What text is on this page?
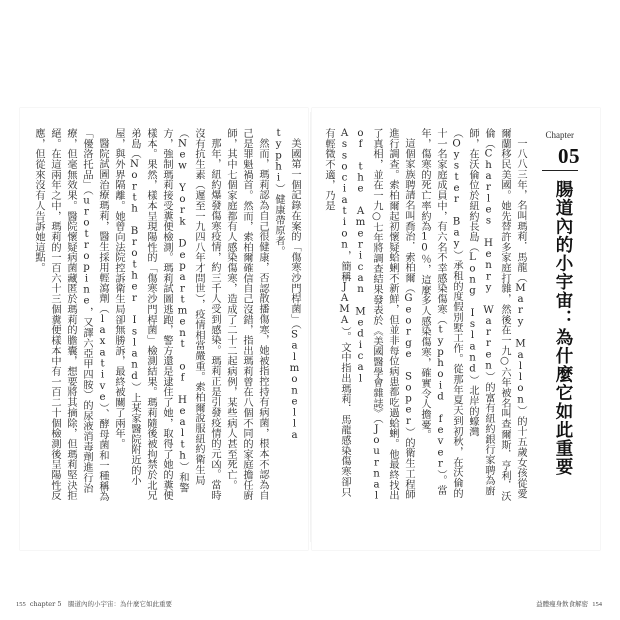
美國第一個記錄在案的「傷寒沙門桿菌」（Salmonella typhi）健康帶原者。

然而，瑪莉認為自己很健康，否認散播傷寒，她被指控持有病菌，根本不認為自己是罪魁禍首。然而，索柏爾確信自己沒錯，指出瑪莉曾在八個不同的家庭擔任廚師，其中七個家庭都有人感染傷寒，造成了二十二起病例，某些病人甚至死亡。

那年，紐約爆發傷寒疫情，約三千人受到感染。瑪莉正是引發疫情的元凶。當時沒有抗生素（遲至一九四八年才問世），疫情相當嚴重。索柏爾說服紐約衛生局（New York Department of Health）和警方，強制瑪莉接受糞便檢測。瑪莉試圖逃跑，警方還是逮住了她，取得了她的糞便樣本。果然，樣本呈現陽性的「傷寒沙門桿菌」檢測結果。瑪莉隨後被拘禁於北兄弟島（North Brother Island）上某家醫院附近的小屋，與外界隔離。她曾向法院控訴衛生局卻無勝訴，最終被關了兩年。

醫院試圖治療瑪莉，醫生採用輕瀉劑（laxative）、酵母菌和一種稱為「優洛托品」（urotropine，又譯六亞甲四胺）的尿液消毒劑進行治療，但毫無效果。醫院懷疑病菌藏匿於瑪莉的膽囊，想要將其摘除，但瑪莉堅決拒絕。在這兩年之中，瑪莉的一百六十三個糞便樣本中有一百二十個檢測後呈陽性反應，但從來沒有人告訴她這點。	Chapter
05
腸道內的小宇宙：為什麼它如此重要

一八八三年，名叫瑪莉．馬龍（Mary Mallon）的十五歲女孩從愛爾蘭移民美國。她先替許多家庭打雜，然後在一九○六年被名叫查爾斯．亨利．沃倫（Charles Henry Warren）的富有紐約銀行家聘為廚師，在沃倫位於紐約長島（Long Island）北岸的蠔灣（Oyster Bay）承租的度假別墅工作。從那年夏天到初秋，在沃倫的十一名家庭成員中，有六名不幸感染傷寒（typhoid fever）。當年，傷寒的死亡率約為10％，這麼多人感染傷寒，確實令人擔憂。

這個家族聘請名叫喬治．索柏爾（George Soper）的衛生工程師進行調查。索柏爾起初懷疑蛤蜊不新鮮，但並非每位病患都吃過蛤蜊。他最終找出了真相，並在一九○七年將調查結果發表於《美國醫學會雜誌》（Journal of the American Medical Association，簡稱JAMA）。文中指出瑪莉．馬龍感染傷寒卻只有輕微不適，乃是

155 chapter 5　腸道內的小宇宙：為什麼它如此重要	益體瘦身飲食解密 154
